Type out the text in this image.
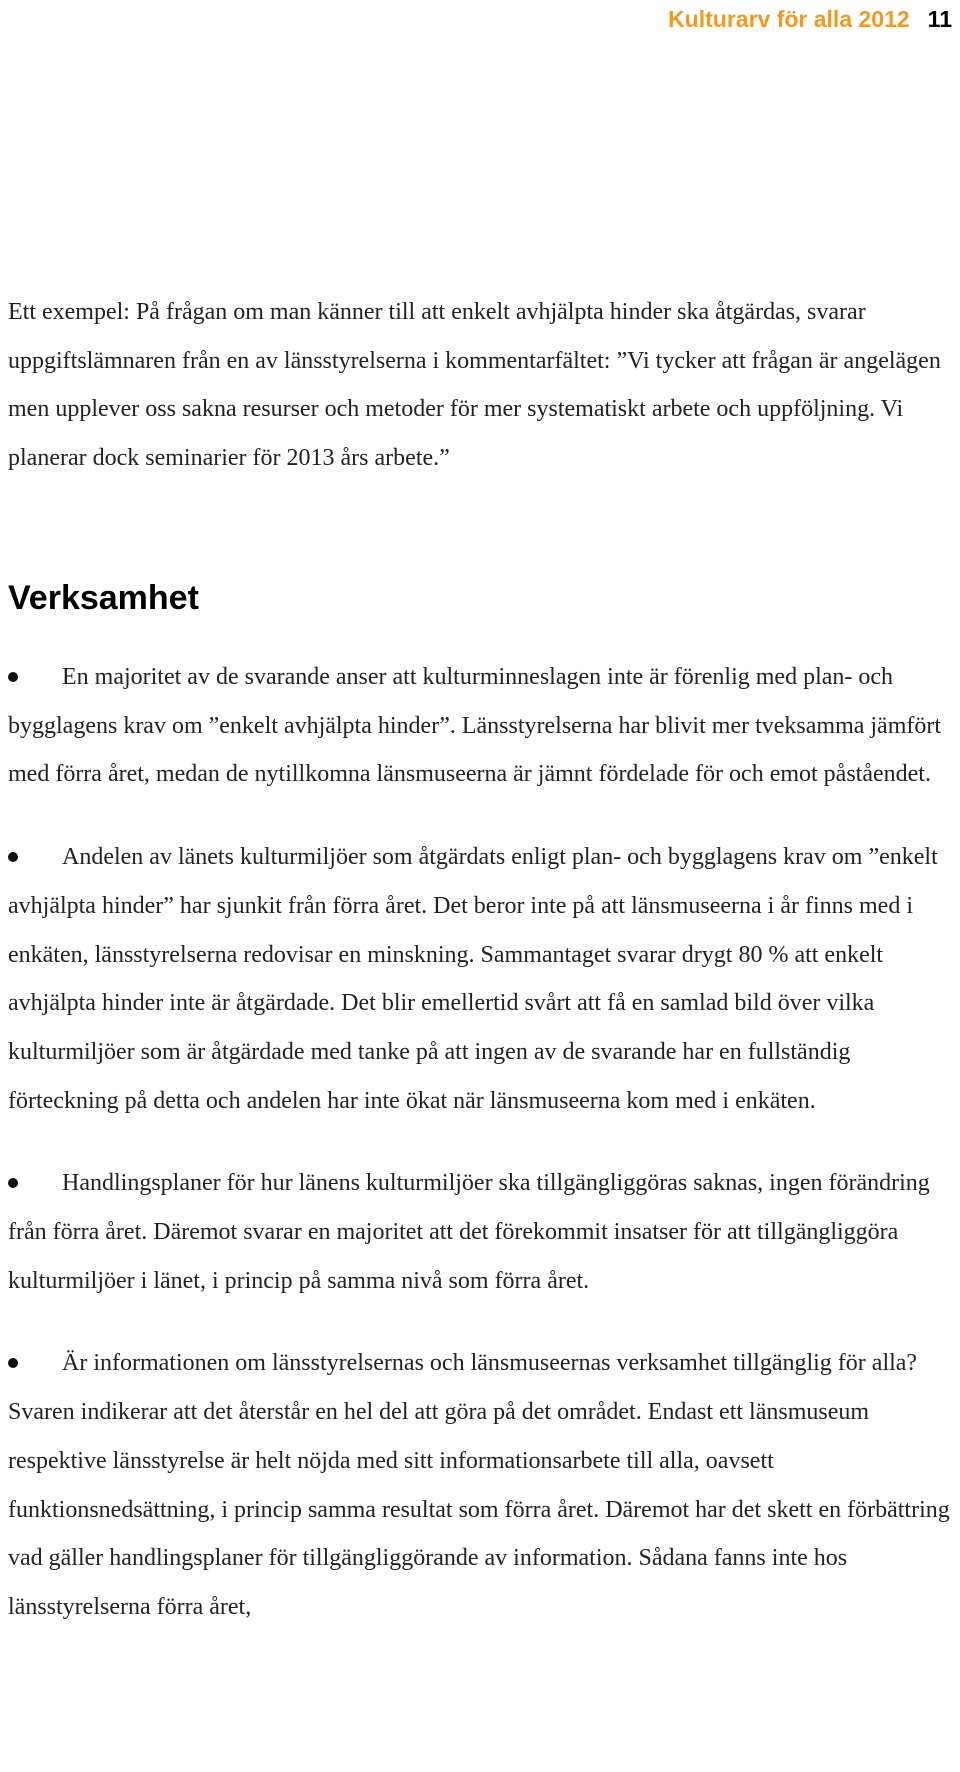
Kulturarv för alla 2012 11

Ett exempel: På frågan om man känner till att enkelt avhjälpta hinder ska åtgärdas, svarar uppgiftslämnaren från en av länsstyrelserna i kommentarfältet: ”Vi tycker att frågan är angelägen men upplever oss sakna resurser och metoder för mer systematiskt arbete och uppföljning. Vi planerar dock seminarier för 2013 års arbete.”

Verksamhet
En majoritet av de svarande anser att kulturminneslagen inte är förenlig med plan- och bygglagens krav om ”enkelt avhjälpta hinder”. Länsstyrelserna har blivit mer tveksamma jämfört med förra året, medan de nytillkomna länsmuseerna är jämnt fördelade för och emot påståendet.
Andelen av länets kulturmiljöer som åtgärdats enligt plan- och bygglagens krav om ”enkelt avhjälpta hinder” har sjunkit från förra året. Det beror inte på att länsmuseerna i år finns med i enkäten, länsstyrelserna redovisar en minskning. Sammantaget svarar drygt 80 % att enkelt avhjälpta hinder inte är åtgärdade. Det blir emellertid svårt att få en samlad bild över vilka kulturmiljöer som är åtgärdade med tanke på att ingen av de svarande har en fullständig förteckning på detta och andelen har inte ökat när länsmuseerna kom med i enkäten.
Handlingsplaner för hur länens kulturmiljöer ska tillgängliggöras saknas, ingen förändring från förra året. Däremot svarar en majoritet att det förekommit insatser för att tillgängliggöra kulturmiljöer i länet, i princip på samma nivå som förra året.
Är informationen om länsstyrelsernas och länsmuseernas verksamhet tillgänglig för alla? Svaren indikerar att det återstår en hel del att göra på det området. Endast ett länsmuseum respektive länsstyrelse är helt nöjda med sitt informationsarbete till alla, oavsett funktionsnedsättning, i princip samma resultat som förra året. Däremot har det skett en förbättring vad gäller handlingsplaner för tillgängliggörande av information. Sådana fanns inte hos länsstyrelserna förra året,
